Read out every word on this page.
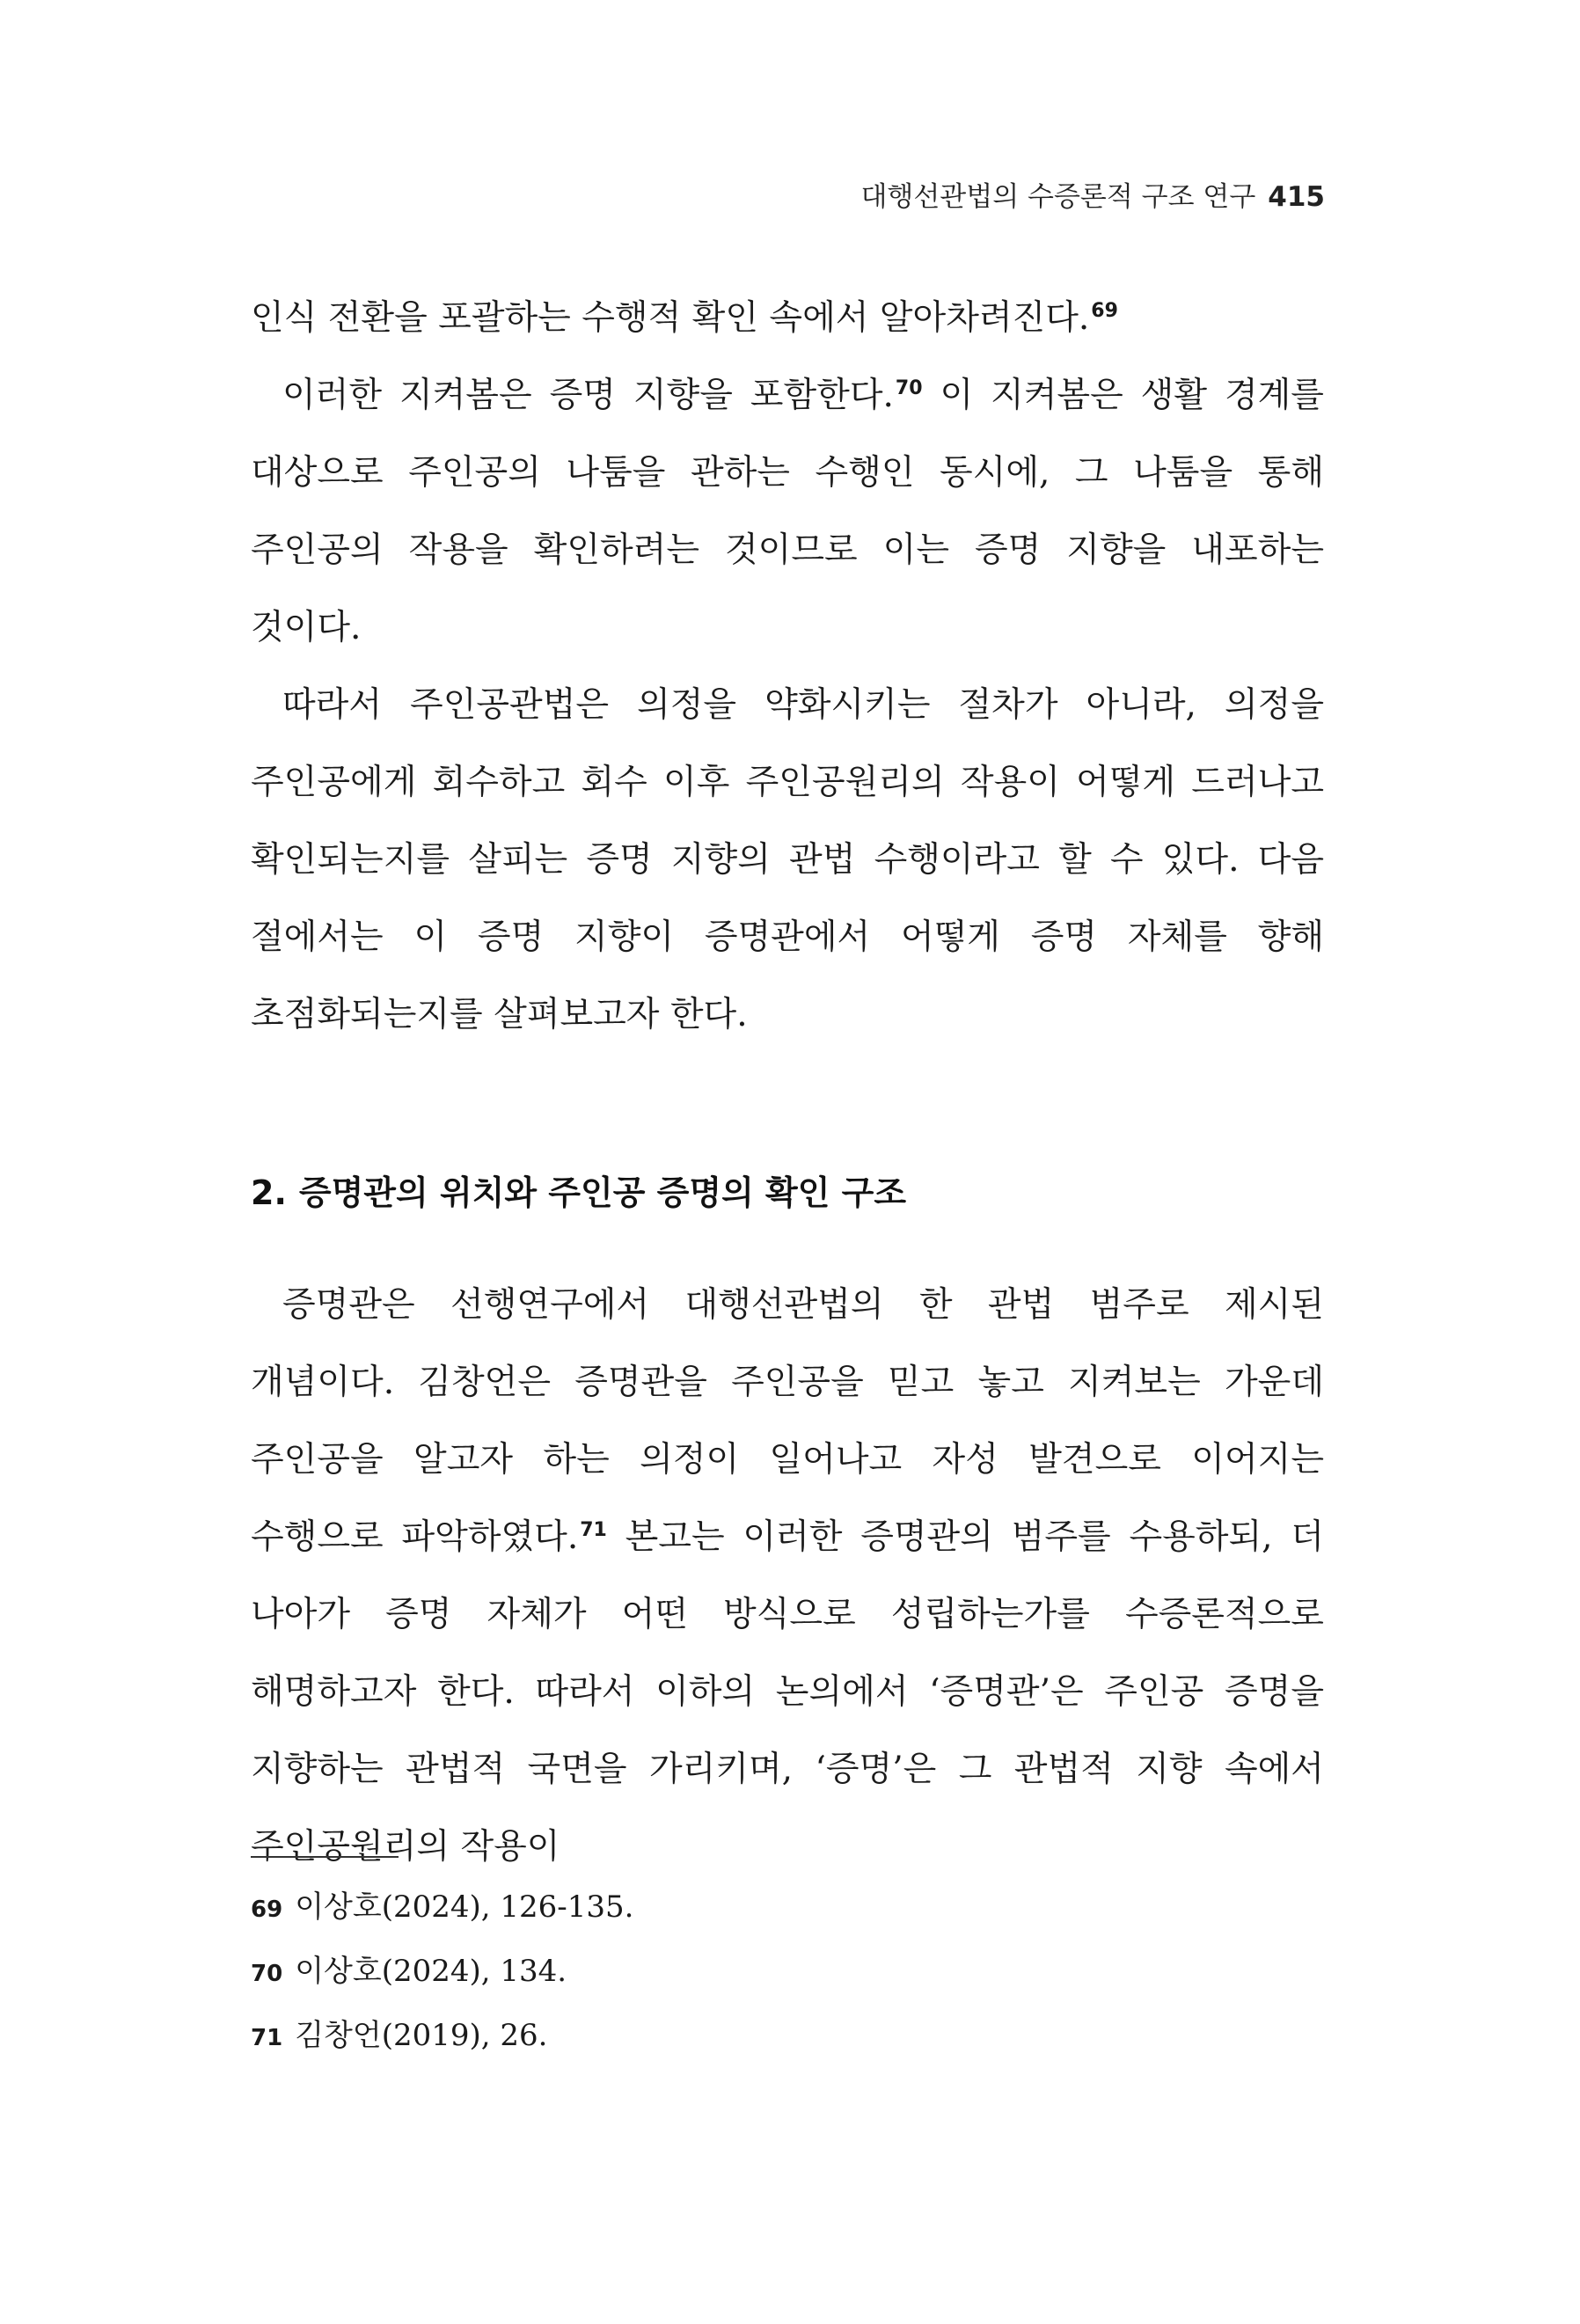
대행선관법의 수증론적 구조 연구 415

인식 전환을 포괄하는 수행적 확인 속에서 알아차려진다.$^{69}$

이러한 지켜봄은 증명 지향을 포함한다.$^{70}$ 이 지켜봄은 생활 경계를 대상으로 주인공의 나툼을 관하는 수행인 동시에, 그 나툼을 통해 주인공의 작용을 확인하려는 것이므로 이는 증명 지향을 내포하는 것이다.

따라서 주인공관법은 의정을 약화시키는 절차가 아니라, 의정을 주인공에게 회수하고 회수 이후 주인공원리의 작용이 어떻게 드러나고 확인되는지를 살피는 증명 지향의 관법 수행이라고 할 수 있다. 다음 절에서는 이 증명 지향이 증명관에서 어떻게 증명 자체를 향해 초점화되는지를 살펴보고자 한다.

2. 증명관의 위치와 주인공 증명의 확인 구조

증명관은 선행연구에서 대행선관법의 한 관법 범주로 제시된 개념이다. 김창언은 증명관을 주인공을 믿고 놓고 지켜보는 가운데 주인공을 알고자 하는 의정이 일어나고 자성 발견으로 이어지는 수행으로 파악하였다.$^{71}$ 본고는 이러한 증명관의 범주를 수용하되, 더 나아가 증명 자체가 어떤 방식으로 성립하는가를 수증론적으로 해명하고자 한다. 따라서 이하의 논의에서 ‘증명관’은 주인공 증명을 지향하는 관법적 국면을 가리키며, ‘증명’은 그 관법적 지향 속에서 주인공원리의 작용이

69 이상호(2024), 126-135.
70 이상호(2024), 134.
71 김창언(2019), 26.
